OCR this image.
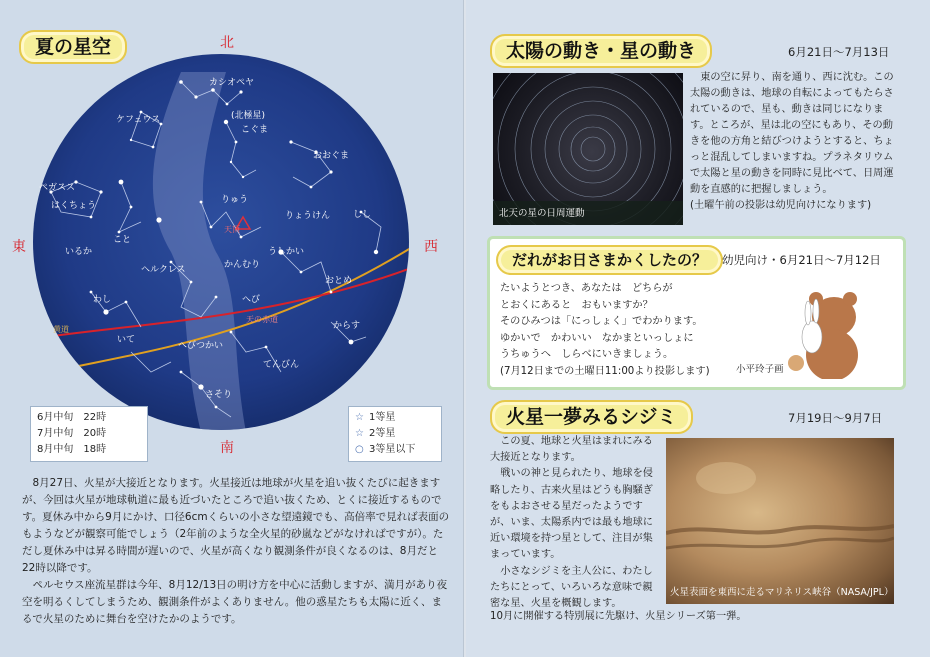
夏の星空	北
南
東	西
カシオペヤ
ケフェウス	(北極星)
こぐま
おおぐま
ペガスス
はくちょう
りゅう
りょうけん	しし
いるか
こと
天頂
うしかい
かんむり
ヘルクレス
おとめ
わし	へび
天の赤道
黄道
いて
へびつかい
からす
てんびん
さそり
6月中旬　 22時
7月中旬　 20時
8月中旬　 18時
☆ 1等星
☆ 2等星
○ 3等星以下

8月27日、火星が大接近となります。火星接近は地球が火星を追い抜くたびに起きますが、今回は火星が地球軌道に最も近づいたところで追い抜くため、とくに接近するものです。夏休み中から9月にかけ、口径6cmくらいの小さな望遠鏡でも、高倍率で見れば表面のもようなどが観察可能でしょう（2年前のような全火星的砂嵐などがなければですが）。ただし夏休み中は昇る時間が遅いので、火星が高くなり観測条件が良くなるのは、8月だと22時以降です。

ペルセウス座流星群は今年、8月12/13日の明け方を中心に活動しますが、満月があり夜空を明るくしてしまうため、観測条件がよくありません。他の惑星たちも太陽に近く、まるで火星のために舞台を空けたかのようです。

太陽の動き・星の動き	6月21日～7月13日
北天の星の日周運動

東の空に昇り、南を通り、西に沈む。この太陽の動きは、地球の自転によってもたらされているので、星も、動きは同じになります。ところが、星は北の空にもあり、その動きを他の方角と結びつけようとすると、ちょっと混乱してしまいますね。プラネタリウムで太陽と星の動きを同時に見比べて、日周運動を直感的に把握しましょう。

(土曜午前の投影は幼児向けになります)

だれがお日さまかくしたの？	幼児向け・6月21日～7月12日
たいようとつき、あなたは　どちらが
とおくにあると　おもいますか？
そのひみつは「にっしょく」でわかります。
ゆかいで　かわいい　なかまといっしょに
うちゅうへ　しらべにいきましょう。
(7月12日までの土曜日11:00より投影します)	小平玲子画
火星一夢みるシジミ	7月19日～9月7日

この夏、地球と火星はまれにみる大接近となります。

戦いの神と見られたり、地球を侵略したり、古来火星はどうも胸騒ぎをもよおさせる星だったようですが、いま、太陽系内では最も地球に近い環境を持つ星として、注目が集まっています。

小さなシジミを主人公に、わたしたちにとって、いろいろな意味で親密な星、火星を概観します。

10月に開催する特別展に先駆け、火星シリーズ第一弾。
火星表面を東西に走るマリネリス峡谷（NASA/JPL）
